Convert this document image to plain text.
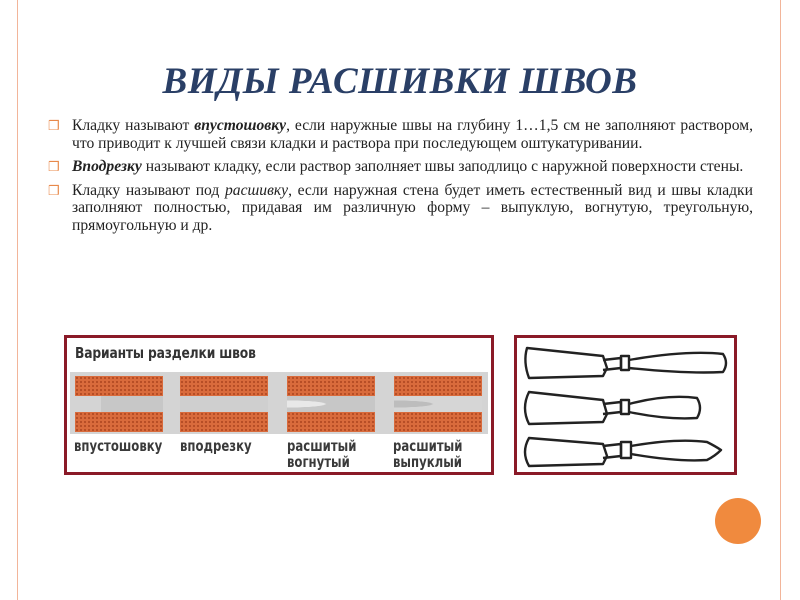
ВИДЫ РАСШИВКИ ШВОВ
❒ Кладку называют впустошовку, если наружные швы на глубину 1…1,5 см не заполняют раствором, что приводит к лучшей связи кладки и раствора при последующем оштукатуривании.
❒ Вподрезку называют кладку, если раствор заполняет швы заподлицо с наружной поверхности стены.
❒ Кладку называют под расшивку, если наружная стена будет иметь естественный вид и швы кладки заполняют полностью, придавая им различную форму – выпуклую, вогнутую, треугольную, прямоугольную и др.
Варианты разделки швов
впустошовку вподрезку расшитый
вогнутый
расшитый
выпуклый
